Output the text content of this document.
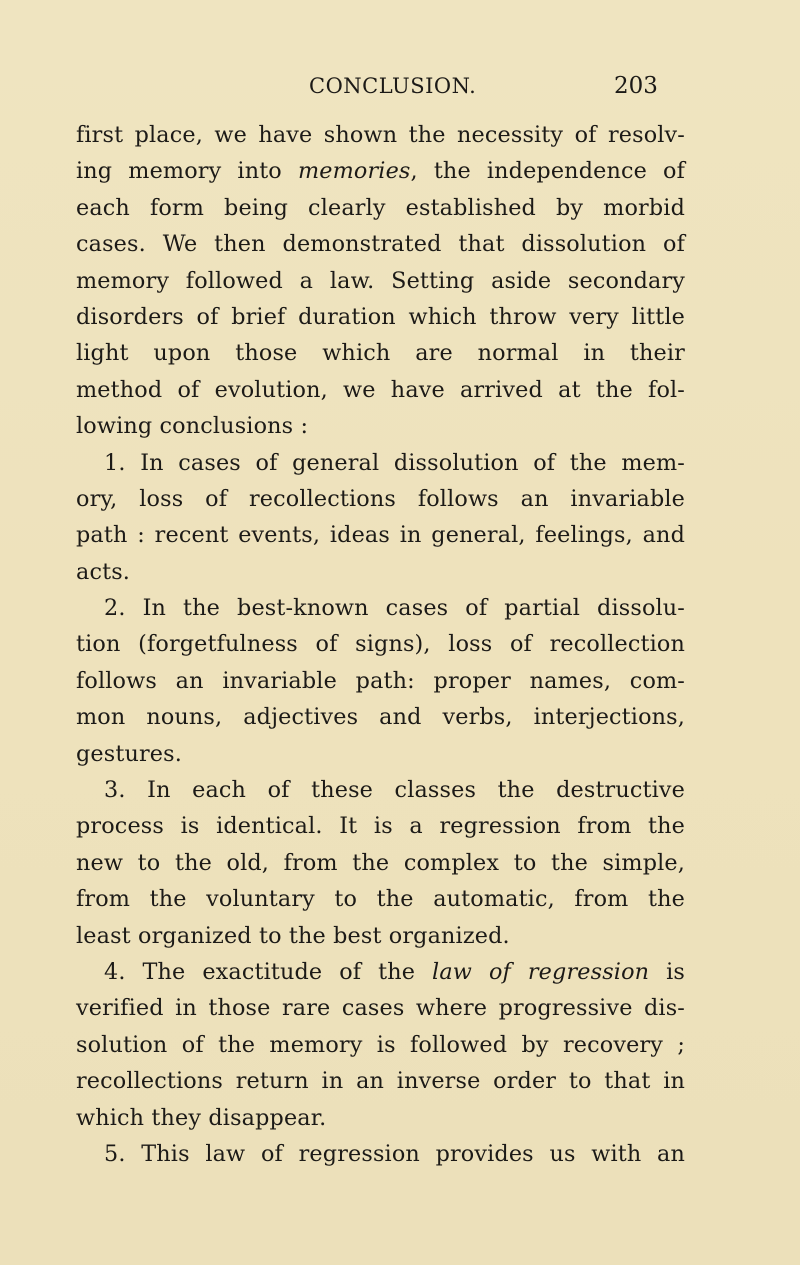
CONCLUSION.	203
first place, we have shown the necessity of resolv-
ing memory into memories, the independence of
each form being clearly established by morbid
cases. We then demonstrated that dissolution of
memory followed a law. Setting aside secondary
disorders of brief duration which throw very little
light upon those which are normal in their
method of evolution, we have arrived at the fol-
lowing conclusions :
1. In cases of general dissolution of the mem-
ory, loss of recollections follows an invariable
path : recent events, ideas in general, feelings, and
acts.
2. In the best-known cases of partial dissolu-
tion (forgetfulness of signs), loss of recollection
follows an invariable path: proper names, com-
mon nouns, adjectives and verbs, interjections,
gestures.
3. In each of these classes the destructive
process is identical. It is a regression from the
new to the old, from the complex to the simple,
from the voluntary to the automatic, from the
least organized to the best organized.
4. The exactitude of the law of regression is
verified in those rare cases where progressive dis-
solution of the memory is followed by recovery ;
recollections return in an inverse order to that in
which they disappear.
5. This law of regression provides us with an
